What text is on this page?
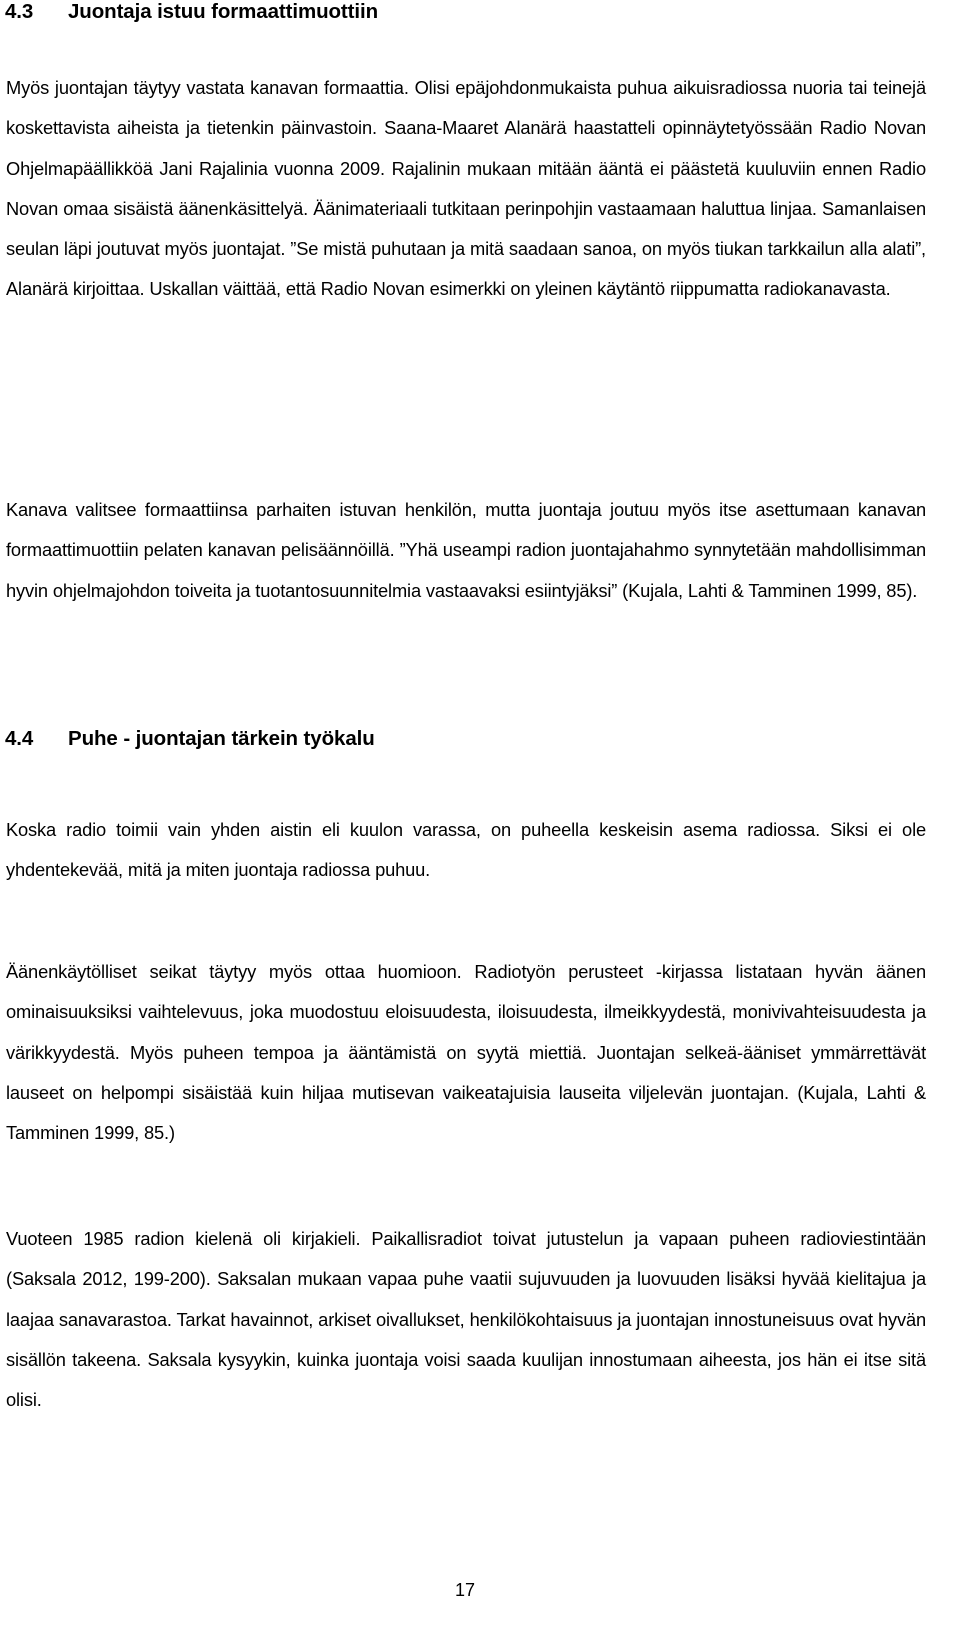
4.3 Juontaja istuu formaattimuottiin

Myös juontajan täytyy vastata kanavan formaattia. Olisi epäjohdonmukaista puhua aikuisradiossa nuoria tai teinejä koskettavista aiheista ja tietenkin päinvastoin. Saana-Maaret Alanärä haastatteli opinnäytetyössään Radio Novan Ohjelmapäällikköä Jani Rajalinia vuonna 2009. Rajalinin mukaan mitään ääntä ei päästetä kuuluviin ennen Radio Novan omaa sisäistä äänenkäsittelyä. Äänimateriaali tutkitaan perinpohjin vastaamaan haluttua linjaa. Samanlaisen seulan läpi joutuvat myös juontajat. ”Se mistä puhutaan ja mitä saadaan sanoa, on myös tiukan tarkkailun alla alati”, Alanärä kirjoittaa. Uskallan väittää, että Radio Novan esimerkki on yleinen käytäntö riippumatta radiokanavasta.

Kanava valitsee formaattiinsa parhaiten istuvan henkilön, mutta juontaja joutuu myös itse asettumaan kanavan formaattimuottiin pelaten kanavan pelisäännöillä. ”Yhä useampi radion juontajahahmo synnytetään mahdollisimman hyvin ohjelmajohdon toiveita ja tuotantosuunnitelmia vastaavaksi esiintyjäksi” (Kujala, Lahti & Tamminen 1999, 85).

4.4 Puhe - juontajan tärkein työkalu

Koska radio toimii vain yhden aistin eli kuulon varassa, on puheella keskeisin asema radiossa. Siksi ei ole yhdentekevää, mitä ja miten juontaja radiossa puhuu.

Äänenkäytölliset seikat täytyy myös ottaa huomioon. Radiotyön perusteet -kirjassa listataan hyvän äänen ominaisuuksiksi vaihtelevuus, joka muodostuu eloisuudesta, iloisuudesta, ilmeikkyydestä, monivivahteisuudesta ja värikkyydestä. Myös puheen tempoa ja ääntämistä on syytä miettiä. Juontajan selkeä-ääniset ymmärrettävät lauseet on helpompi sisäistää kuin hiljaa mutisevan vaikeatajuisia lauseita viljelevän juontajan. (Kujala, Lahti & Tamminen 1999, 85.)

Vuoteen 1985 radion kielenä oli kirjakieli. Paikallisradiot toivat jutustelun ja vapaan puheen radioviestintään (Saksala 2012, 199-200). Saksalan mukaan vapaa puhe vaatii sujuvuuden ja luovuuden lisäksi hyvää kielitajua ja laajaa sanavarastoa. Tarkat havainnot, arkiset oivallukset, henkilökohtaisuus ja juontajan innostuneisuus ovat hyvän sisällön takeena. Saksala kysyykin, kuinka juontaja voisi saada kuulijan innostumaan aiheesta, jos hän ei itse sitä olisi.

17
